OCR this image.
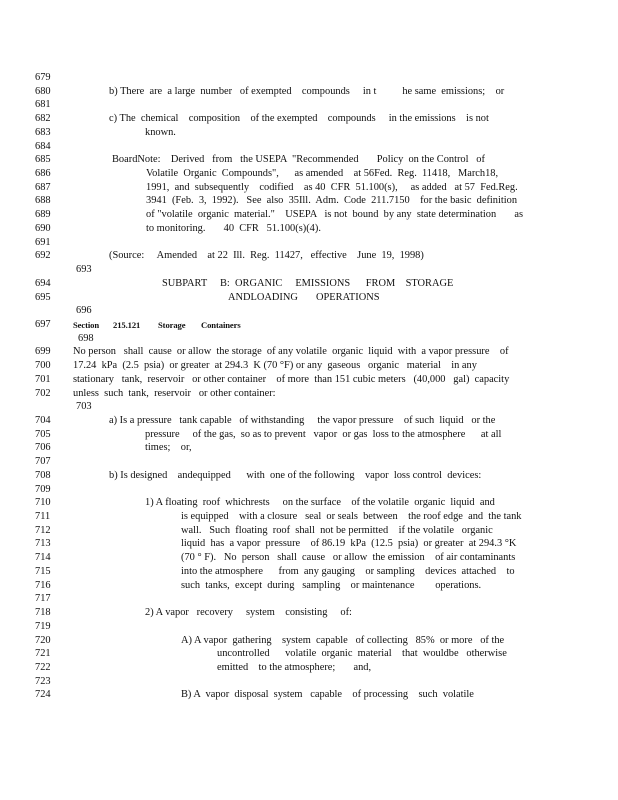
679
680	b) There  are  a large  number   of exempted    compounds     in t          he same  emissions;    or
681
682	c) The  chemical    composition    of the exempted    compounds     in the emissions    is not
683	known.
684
685	BoardNote:    Derived   from   the USEPA  "Recommended       Policy  on the Control   of
686	Volatile  Organic  Compounds",      as amended    at 56Fed.  Reg.  11418,   March18,
687	1991,  and  subsequently    codified    as 40  CFR  51.100(s),     as added   at 57  Fed.Reg.
688	3941  (Feb.  3,  1992).   See  also  35Ill.  Adm.  Code  211.7150    for the basic  definition
689	of "volatile  organic  material."    USEPA   is not  bound  by any  state determination       as
690	to monitoring.       40  CFR   51.100(s)(4).
691
692	(Source:     Amended    at 22  Ill.  Reg.  11427,   effective    June  19,  1998)
693
694	SUBPART     B:  ORGANIC     EMISSIONS      FROM    STORAGE
695	ANDLOADING       OPERATIONS
696
697	Section 215.121 Storage Containers
698
699 No person   shall  cause  or allow  the storage  of any volatile  organic  liquid  with  a vapor pressure    of
700 17.24  kPa  (2.5  psia)  or greater  at 294.3  K (70 °F) or any  gaseous   organic   material    in any
701 stationary   tank,  reservoir   or other container    of more  than 151 cubic meters   (40,000   gal)  capacity
702 unless  such  tank,  reservoir   or other container:
703
704	a) Is a pressure   tank capable   of withstanding     the vapor pressure    of such  liquid   or the
705	pressure     of the gas,  so as to prevent   vapor  or gas  loss to the atmosphere      at all
706	times;    or,
707
708	b) Is designed    andequipped      with  one of the following    vapor  loss control  devices:
709
710	1) A floating  roof  whichrests     on the surface    of the volatile  organic  liquid  and
711	is equipped    with a closure   seal  or seals  between    the roof edge  and  the tank
712	wall.   Such  floating  roof  shall  not be permitted    if the volatile   organic
713	liquid  has  a vapor  pressure    of 86.19  kPa  (12.5  psia)  or greater  at 294.3 °K
714	(70 ° F).   No  person   shall  cause   or allow  the emission    of air contaminants
715	into the atmosphere      from  any gauging    or sampling    devices  attached    to
716	such  tanks,  except  during   sampling    or maintenance        operations.
717
718	2) A vapor   recovery     system    consisting     of:
719
720	A) A vapor  gathering    system  capable   of collecting   85%  or more   of the
721	uncontrolled      volatile  organic  material    that  wouldbe   otherwise
722	emitted    to the atmosphere;       and,
723
724	B) A  vapor  disposal  system   capable    of processing    such  volatile
